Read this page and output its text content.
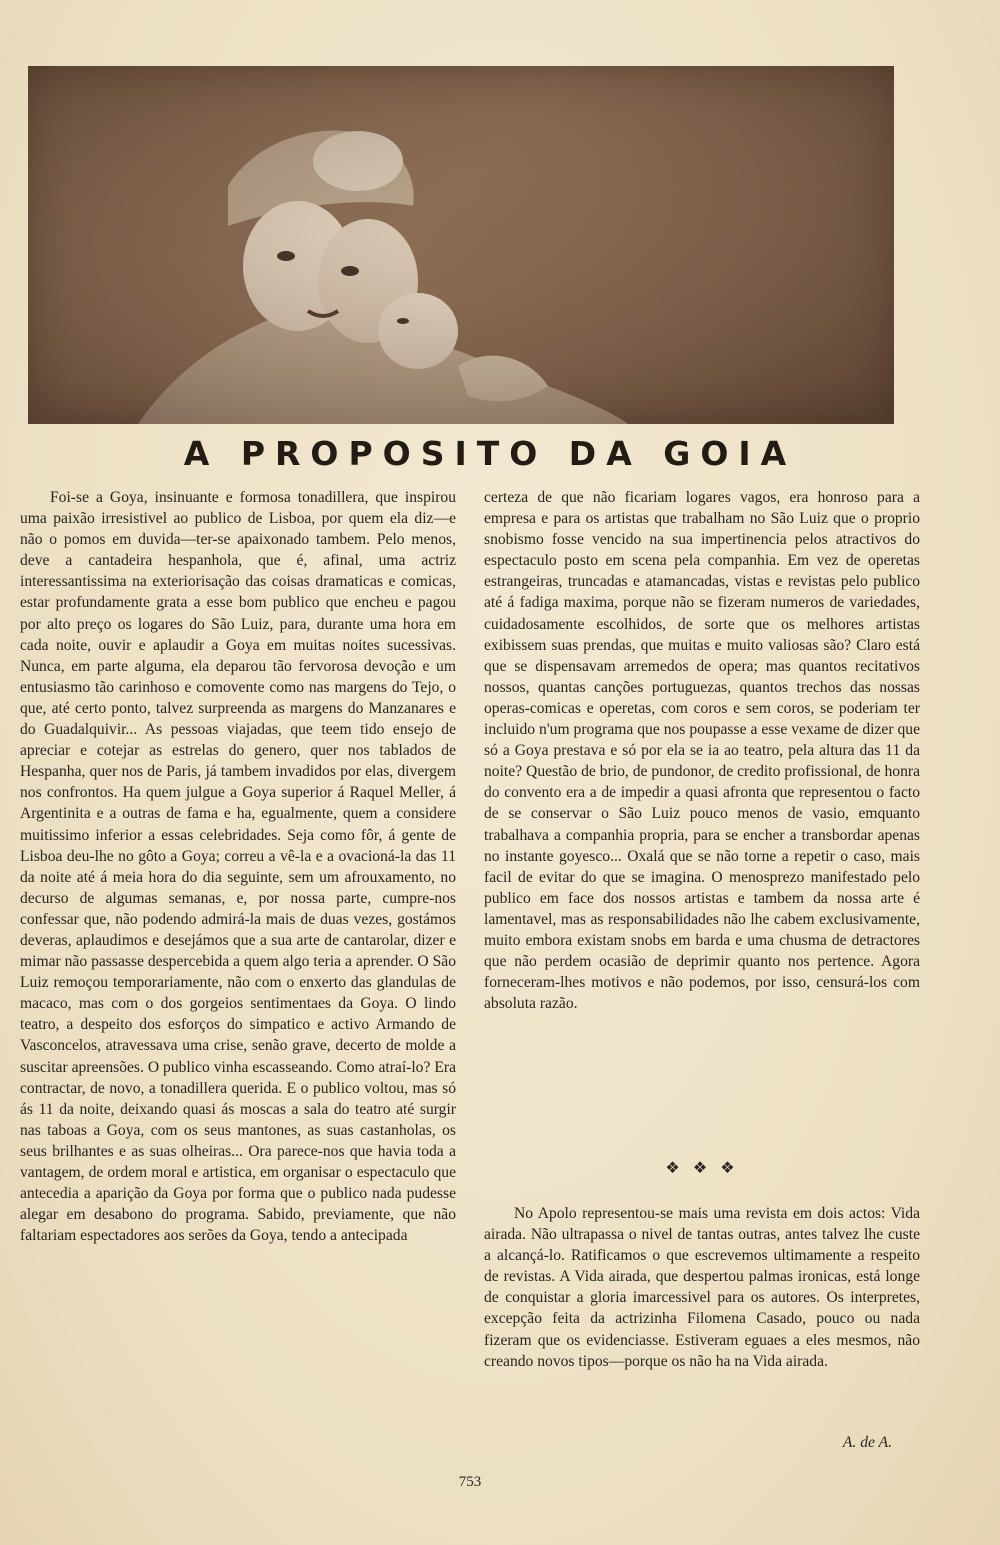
A PROPOSITO DA GOIA

Foi-se a Goya, insinuante e formosa tonadillera, que inspirou uma paixão irresistivel ao publico de Lisboa, por quem ela diz—e não o pomos em duvida—ter-se apaixonado tambem. Pelo menos, deve a cantadeira hespanhola, que é, afinal, uma actriz interessantissima na exteriorisação das coisas dramaticas e comicas, estar profundamente grata a esse bom publico que encheu e pagou por alto preço os logares do São Luiz, para, durante uma hora em cada noite, ouvir e aplaudir a Goya em muitas noites sucessivas. Nunca, em parte alguma, ela deparou tão fervorosa devoção e um entusiasmo tão carinhoso e comovente como nas margens do Tejo, o que, até certo ponto, talvez surpreenda as margens do Manzanares e do Guadalquivir... As pessoas viajadas, que teem tido ensejo de apreciar e cotejar as estrelas do genero, quer nos tablados de Hespanha, quer nos de Paris, já tambem invadidos por elas, divergem nos confrontos. Ha quem julgue a Goya superior á Raquel Meller, á Argentinita e a outras de fama e ha, egualmente, quem a considere muitissimo inferior a essas celebridades. Seja como fôr, á gente de Lisboa deu-lhe no gôto a Goya; correu a vê-la e a ovacioná-la das 11 da noite até á meia hora do dia seguinte, sem um afrouxamento, no decurso de algumas semanas, e, por nossa parte, cumpre-nos confessar que, não podendo admirá-la mais de duas vezes, gostámos deveras, aplaudimos e desejámos que a sua arte de cantarolar, dizer e mimar não passasse despercebida a quem algo teria a aprender. O São Luiz remoçou temporariamente, não com o enxerto das glandulas de macaco, mas com o dos gorgeios sentimentaes da Goya. O lindo teatro, a despeito dos esforços do simpatico e activo Armando de Vasconcelos, atravessava uma crise, senão grave, decerto de molde a suscitar apreensões. O publico vinha escasseando. Como atraí-lo? Era contractar, de novo, a tonadillera querida. E o publico voltou, mas só ás 11 da noite, deixando quasi ás moscas a sala do teatro até surgir nas taboas a Goya, com os seus mantones, as suas castanholas, os seus brilhantes e as suas olheiras... Ora parece-nos que havia toda a vantagem, de ordem moral e artistica, em organisar o espectaculo que antecedia a aparição da Goya por forma que o publico nada pudesse alegar em desabono do programa. Sabido, previamente, que não faltariam espectadores aos serões da Goya, tendo a antecipada

certeza de que não ficariam logares vagos, era honroso para a empresa e para os artistas que trabalham no São Luiz que o proprio snobismo fosse vencido na sua impertinencia pelos atractivos do espectaculo posto em scena pela companhia. Em vez de operetas estrangeiras, truncadas e atamancadas, vistas e revistas pelo publico até á fadiga maxima, porque não se fizeram numeros de variedades, cuidadosamente escolhidos, de sorte que os melhores artistas exibissem suas prendas, que muitas e muito valiosas são? Claro está que se dispensavam arremedos de opera; mas quantos recitativos nossos, quantas canções portuguezas, quantos trechos das nossas operas-comicas e operetas, com coros e sem coros, se poderiam ter incluido n'um programa que nos poupasse a esse vexame de dizer que só a Goya prestava e só por ela se ia ao teatro, pela altura das 11 da noite? Questão de brio, de pundonor, de credito profissional, de honra do convento era a de impedir a quasi afronta que representou o facto de se conservar o São Luiz pouco menos de vasio, emquanto trabalhava a companhia propria, para se encher a transbordar apenas no instante goyesco... Oxalá que se não torne a repetir o caso, mais facil de evitar do que se imagina. O menosprezo manifestado pelo publico em face dos nossos artistas e tambem da nossa arte é lamentavel, mas as responsabilidades não lhe cabem exclusivamente, muito embora existam snobs em barda e uma chusma de detractores que não perdem ocasião de deprimir quanto nos pertence. Agora forneceram-lhes motivos e não podemos, por isso, censurá-los com absoluta razão.

❖ ❖ ❖

No Apolo representou-se mais uma revista em dois actos: Vida airada. Não ultrapassa o nivel de tantas outras, antes talvez lhe custe a alcançá-lo. Ratificamos o que escrevemos ultimamente a respeito de revistas. A Vida airada, que despertou palmas ironicas, está longe de conquistar a gloria imarcessivel para os autores. Os interpretes, excepção feita da actrizinha Filomena Casado, pouco ou nada fizeram que os evidenciasse. Estiveram eguaes a eles mesmos, não creando novos tipos—porque os não ha na Vida airada.

A. de A.
753
